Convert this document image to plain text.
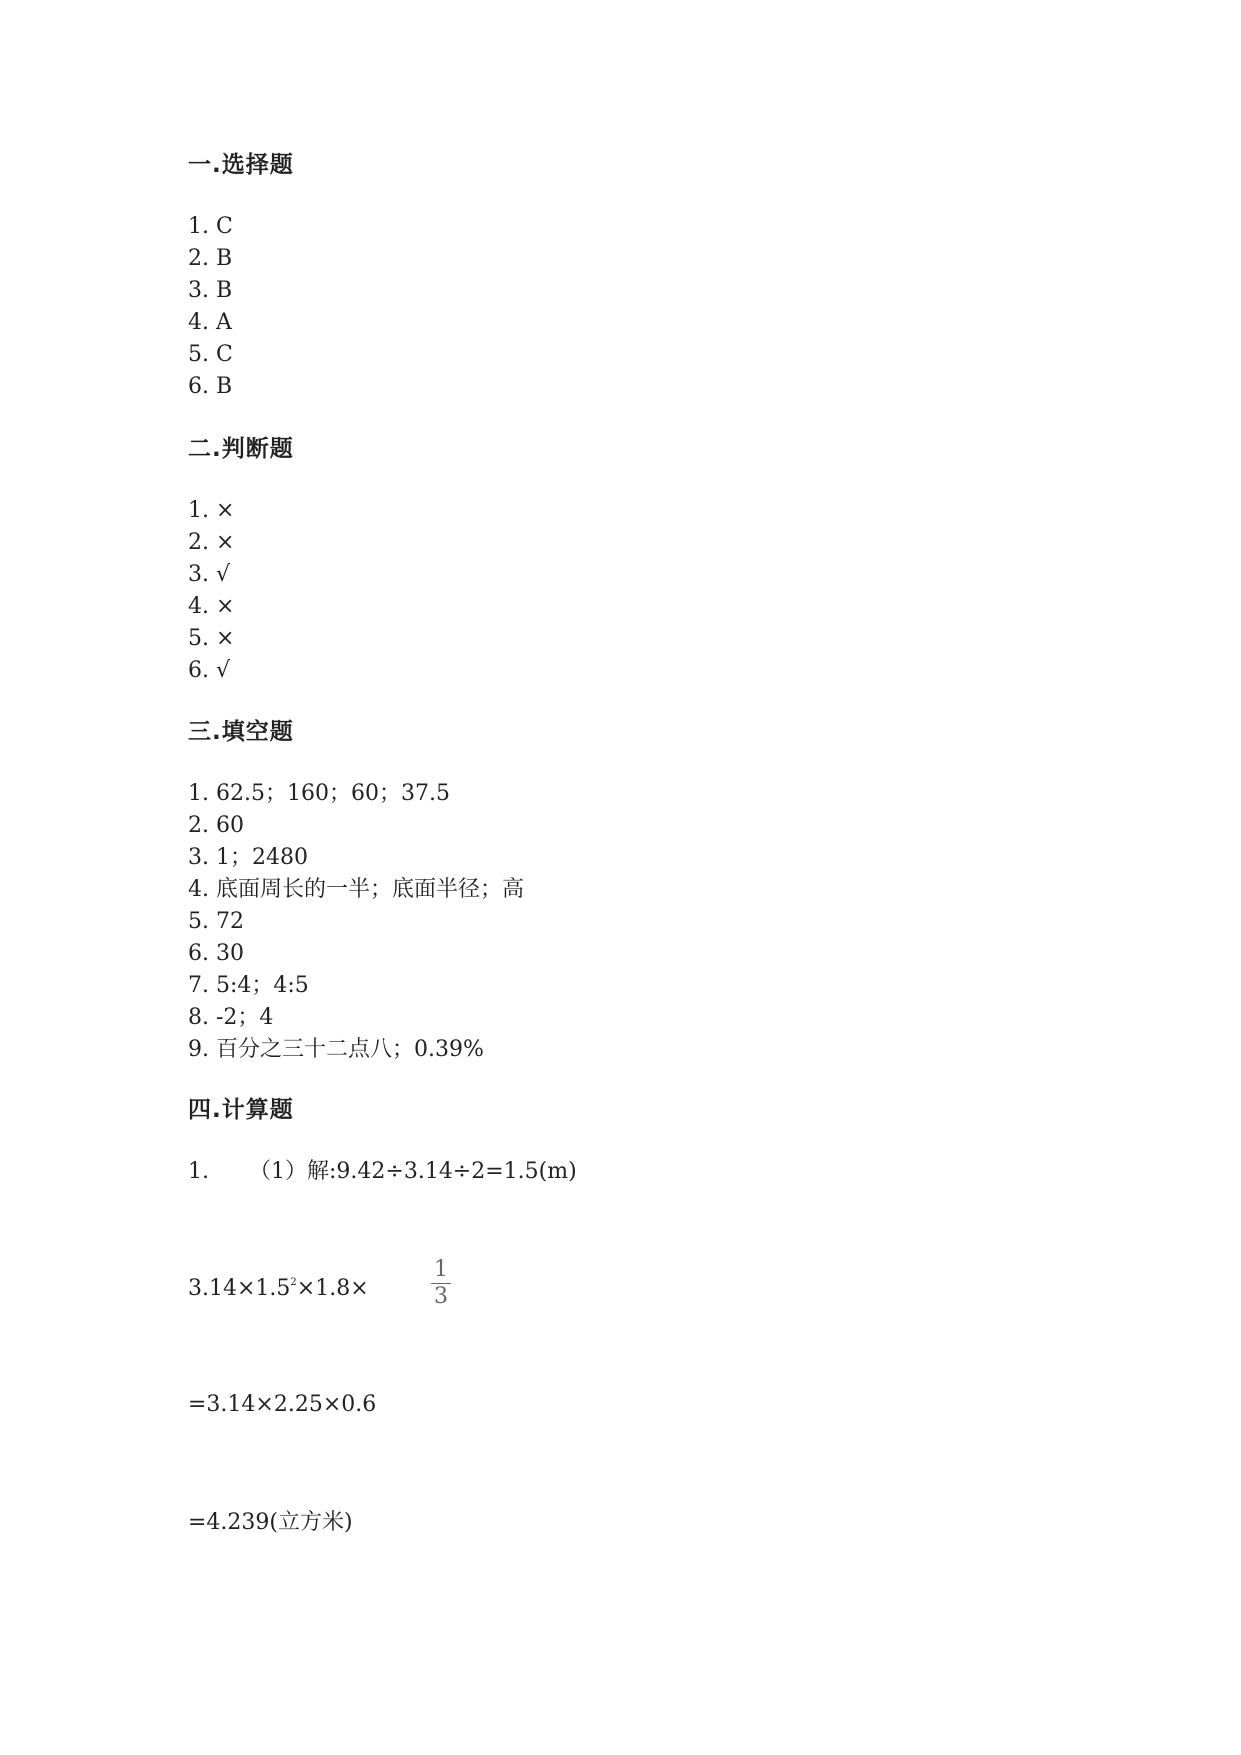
一.选择题
1. C
2. B
3. B
4. A
5. C
6. B
二.判断题
1. ×
2. ×
3. √
4. ×
5. ×
6. √
三.填空题
1. 62.5；160；60；37.5
2. 60
3. 1；2480
4. 底面周长的一半；底面半径；高
5. 72
6. 30
7. 5:4；4:5
8. -2；4
9. 百分之三十二点八；0.39%
四.计算题
1. （1）解:9.42÷3.14÷2=1.5(m)
$3.14\times 1.5^2\times 1.8\times$
1
3
=3.14×2.25×0.6
=4.239(立方米)
